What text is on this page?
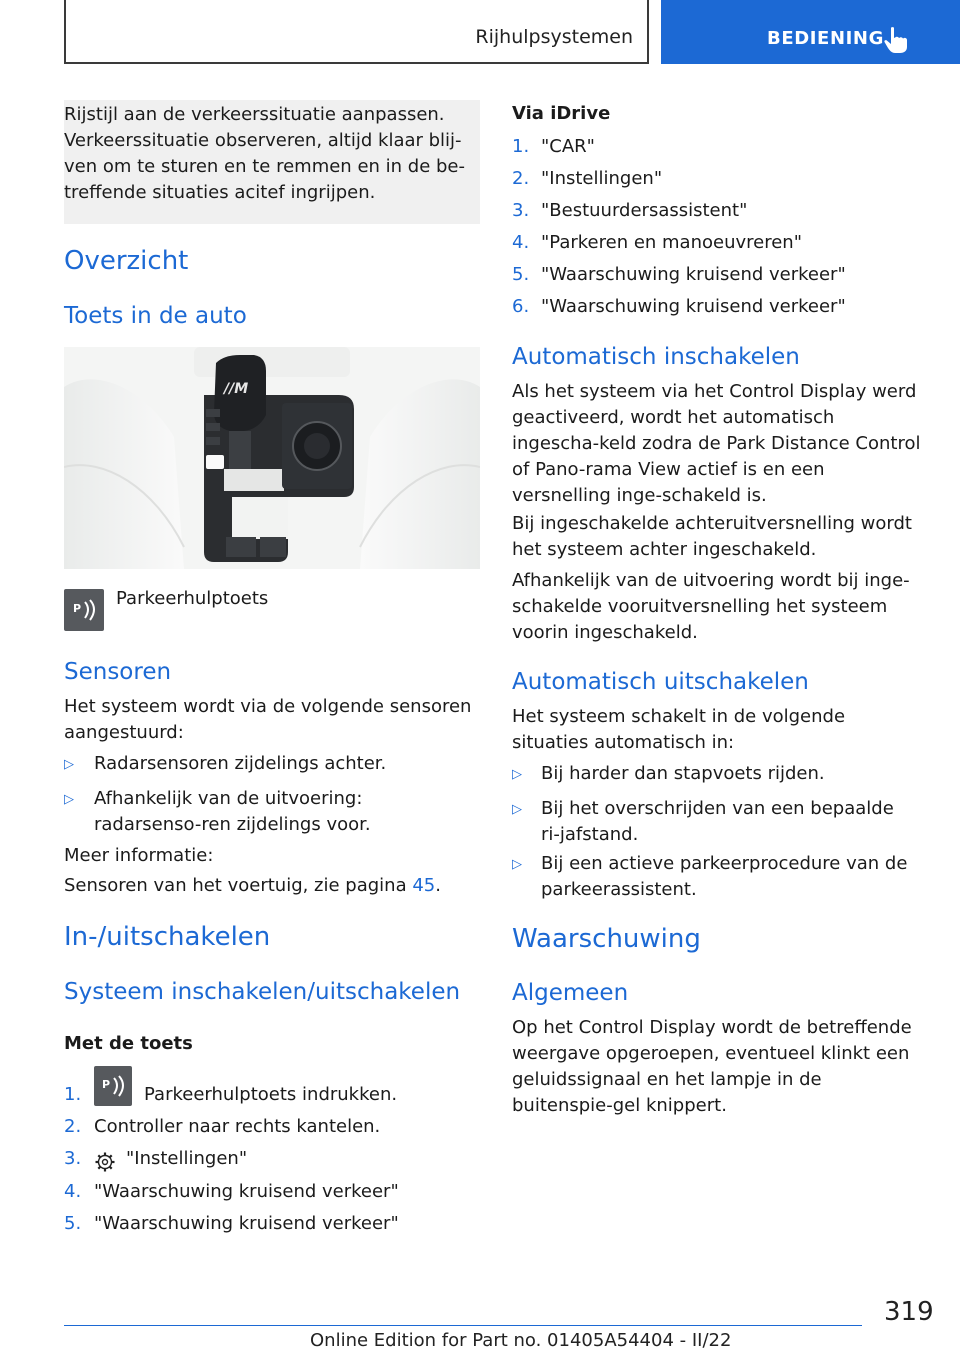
Rijhulpsystemen	BEDIENING
Rijstijl aan de verkeerssituatie aanpassen. Verkeerssituatie observeren, altijd klaar blij-ven om te sturen en te remmen en in de be-treffende situaties acitef ingrijpen.
Overzicht
Toets in de auto
//M
P Parkeerhulptoets
Sensoren
Het systeem wordt via de volgende sensoren aangestuurd:
▷ Radarsensoren zijdelings achter.
▷ Afhankelijk van de uitvoering: radarsenso-ren zijdelings voor.
Meer informatie:
Sensoren van het voertuig, zie pagina 45.
In-/uitschakelen
Systeem inschakelen/uitschakelen
Met de toets
1. P Parkeerhulptoets indrukken.
2. Controller naar rechts kantelen.
3. "Instellingen"
4. "Waarschuwing kruisend verkeer"
5. "Waarschuwing kruisend verkeer"
Via iDrive
1. "CAR"
2. "Instellingen"
3. "Bestuurdersassistent"
4. "Parkeren en manoeuvreren"
5. "Waarschuwing kruisend verkeer"
6. "Waarschuwing kruisend verkeer"
Automatisch inschakelen
Als het systeem via het Control Display werd geactiveerd, wordt het automatisch ingescha-keld zodra de Park Distance Control of Pano-rama View actief is en een versnelling inge-schakeld is.
Bij ingeschakelde achteruitversnelling wordt het systeem achter ingeschakeld.
Afhankelijk van de uitvoering wordt bij inge-schakelde vooruitversnelling het systeem voorin ingeschakeld.
Automatisch uitschakelen
Het systeem schakelt in de volgende situaties automatisch in:
▷ Bij harder dan stapvoets rijden.
▷ Bij het overschrijden van een bepaalde ri-jafstand.
▷ Bij een actieve parkeerprocedure van de parkeerassistent.
Waarschuwing
Algemeen
Op het Control Display wordt de betreffende weergave opgeroepen, eventueel klinkt een geluidssignaal en het lampje in de buitenspie-gel knippert.
319
Online Edition for Part no. 01405A54404 - II/22
